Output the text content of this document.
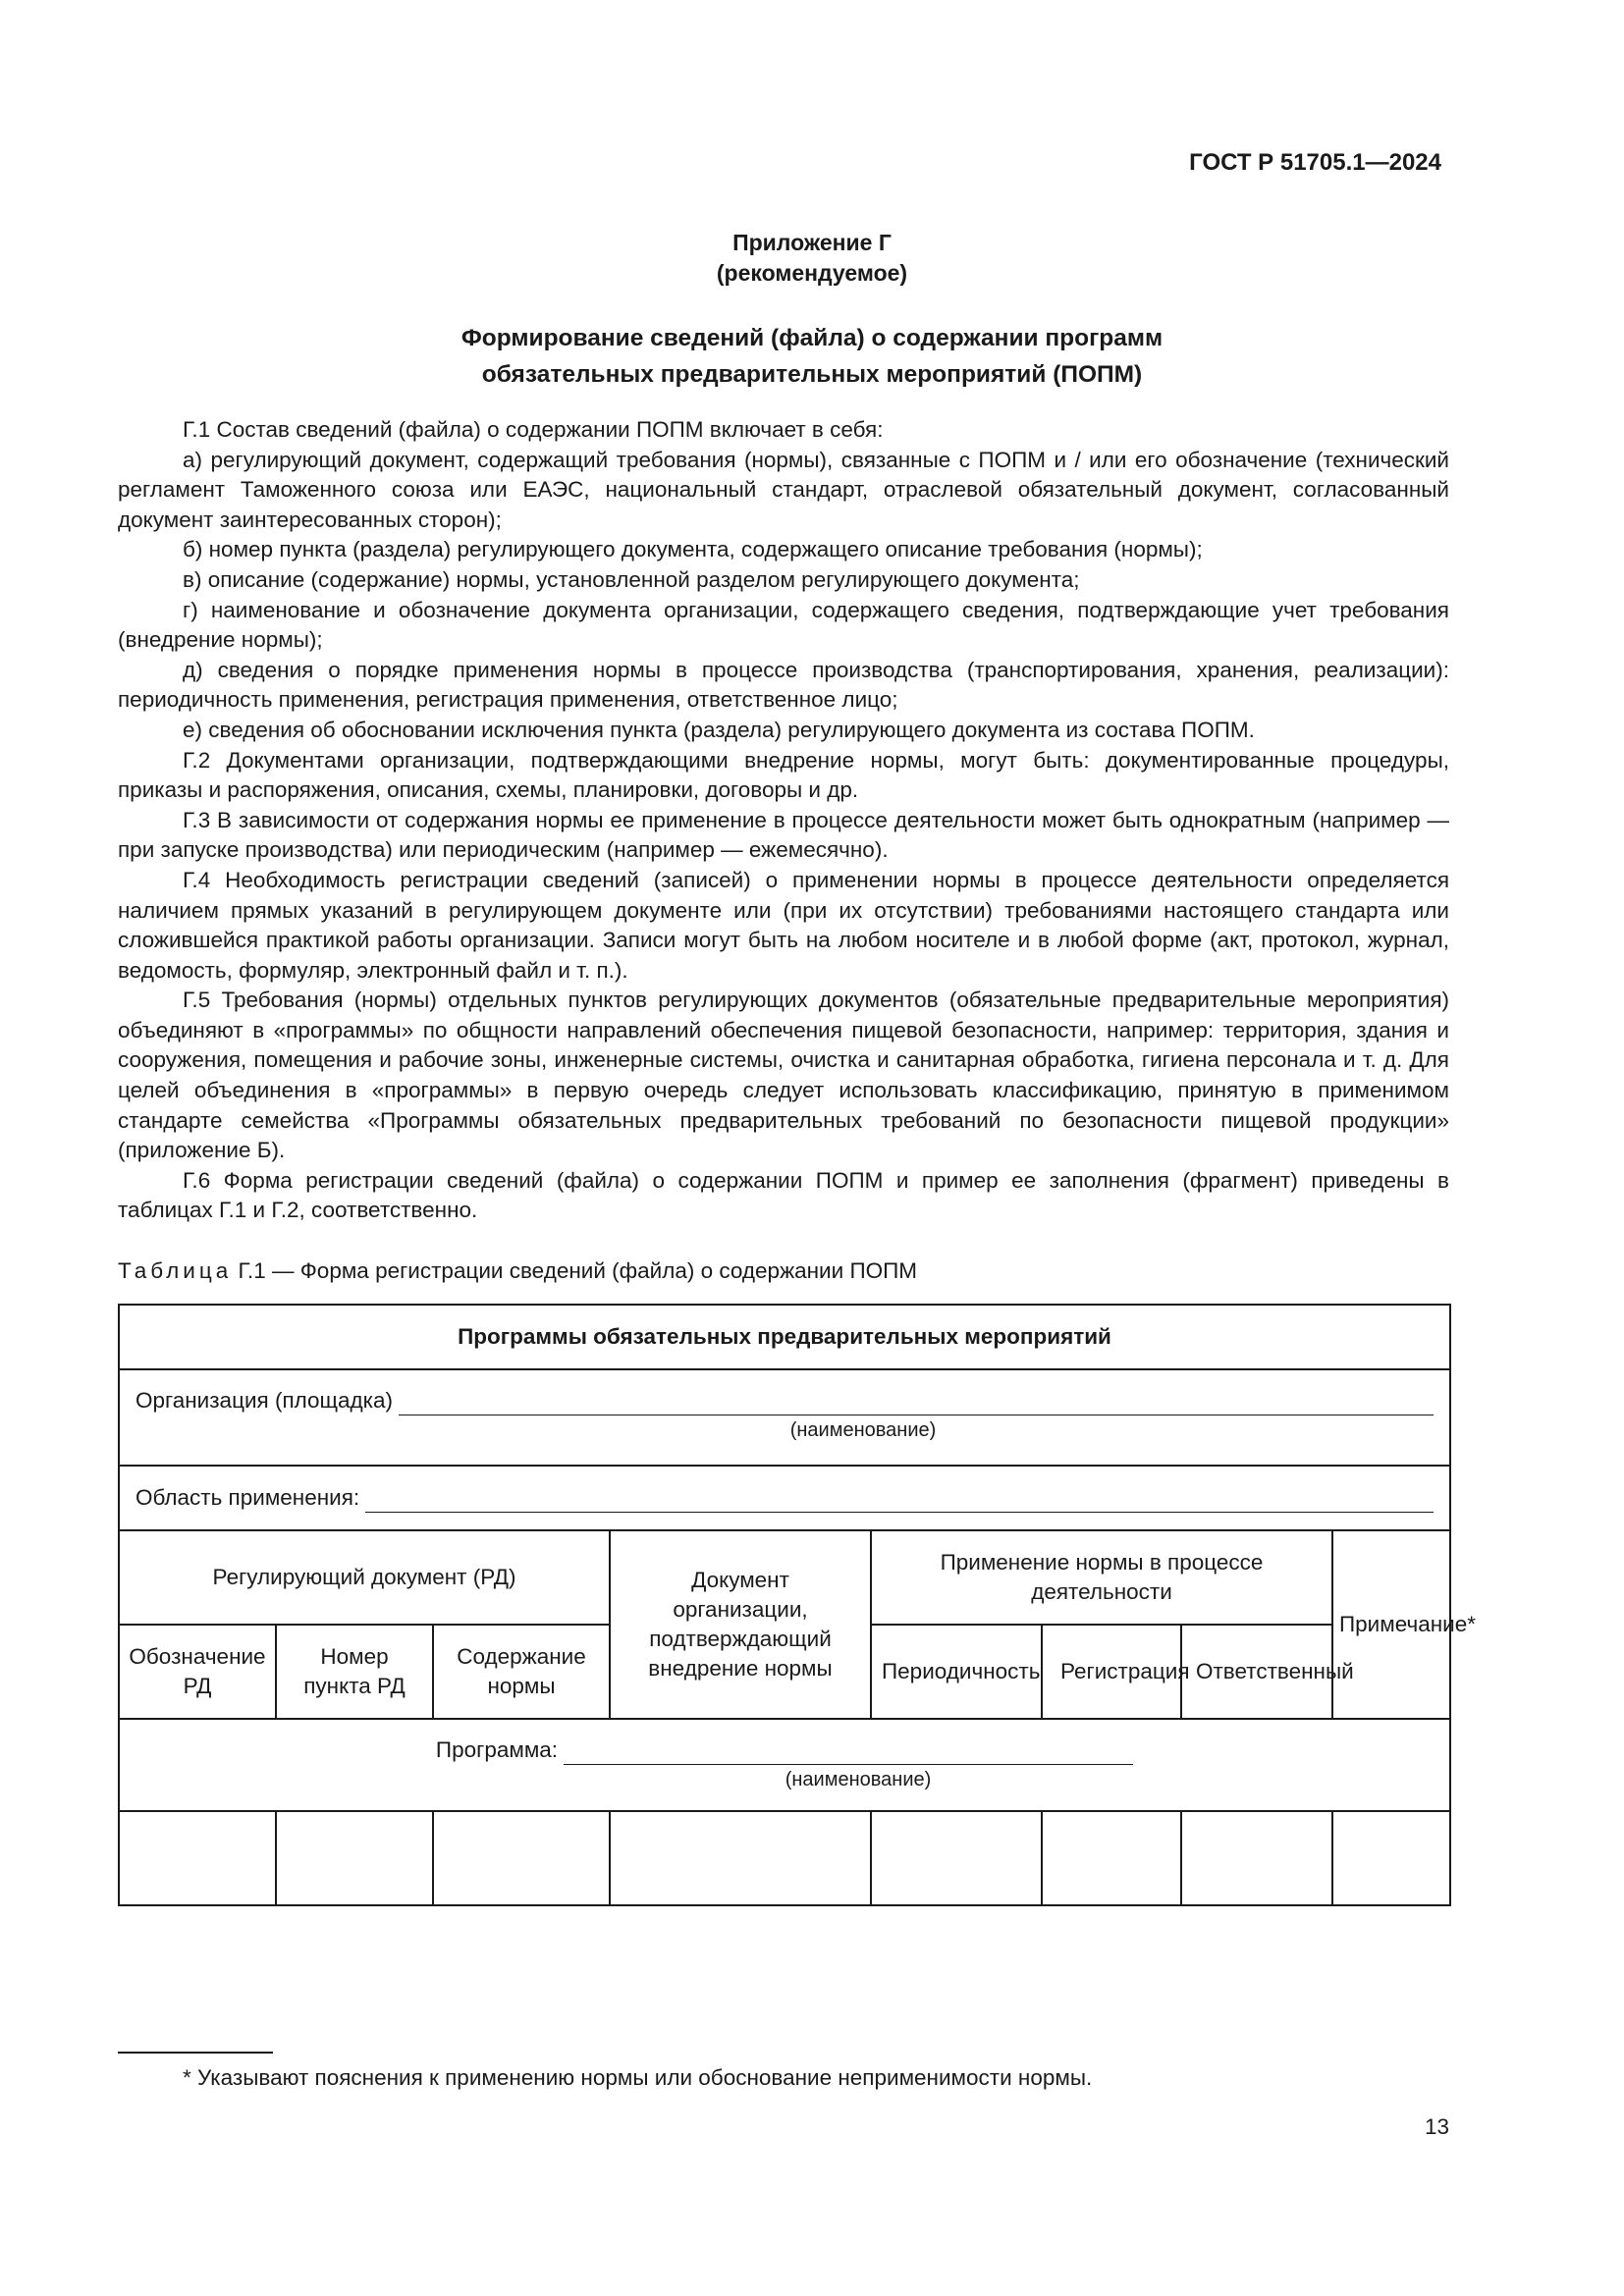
ГОСТ Р 51705.1—2024
Приложение Г
(рекомендуемое)
Формирование сведений (файла) о содержании программ
обязательных предварительных мероприятий (ПОПМ)

Г.1 Состав сведений (файла) о содержании ПОПМ включает в себя:

а) регулирующий документ, содержащий требования (нормы), связанные с ПОПМ и / или его обозначение (технический регламент Таможенного союза или ЕАЭС, национальный стандарт, отраслевой обязательный документ, согласованный документ заинтересованных сторон);

б) номер пункта (раздела) регулирующего документа, содержащего описание требования (нормы);

в) описание (содержание) нормы, установленной разделом регулирующего документа;

г) наименование и обозначение документа организации, содержащего сведения, подтверждающие учет требования (внедрение нормы);

д) сведения о порядке применения нормы в процессе производства (транспортирования, хранения, реализации): периодичность применения, регистрация применения, ответственное лицо;

е) сведения об обосновании исключения пункта (раздела) регулирующего документа из состава ПОПМ.

Г.2 Документами организации, подтверждающими внедрение нормы, могут быть: документированные процедуры, приказы и распоряжения, описания, схемы, планировки, договоры и др.

Г.3 В зависимости от содержания нормы ее применение в процессе деятельности может быть однократным (например — при запуске производства) или периодическим (например — ежемесячно).

Г.4 Необходимость регистрации сведений (записей) о применении нормы в процессе деятельности определяется наличием прямых указаний в регулирующем документе или (при их отсутствии) требованиями настоящего стандарта или сложившейся практикой работы организации. Записи могут быть на любом носителе и в любой форме (акт, протокол, журнал, ведомость, формуляр, электронный файл и т. п.).

Г.5 Требования (нормы) отдельных пунктов регулирующих документов (обязательные предварительные мероприятия) объединяют в «программы» по общности направлений обеспечения пищевой безопасности, например: территория, здания и сооружения, помещения и рабочие зоны, инженерные системы, очистка и санитарная обработка, гигиена персонала и т. д. Для целей объединения в «программы» в первую очередь следует использовать классификацию, принятую в применимом стандарте семейства «Программы обязательных предварительных требований по безопасности пищевой продукции» (приложение Б).

Г.6 Форма регистрации сведений (файла) о содержании ПОПМ и пример ее заполнения (фрагмент) приведены в таблицах Г.1 и Г.2, соответственно.

Таблица Г.1 — Форма регистрации сведений (файла) о содержании ПОПМ
Программы обязательных предварительных мероприятий							

Организация (площадка)
(наименование)							

Область применения:							

Регулирующий документ (РД)			Документ организации, подтверждающий внедрение нормы	Применение нормы в процессе деятельности			Примечание*
Обозначение РД	Номер пункта РД	Содержание нормы		Периодичность	Регистрация	Ответственный	

Программа:
(наименование)							

* Указывают пояснения к применению нормы или обоснование неприменимости нормы.
13
